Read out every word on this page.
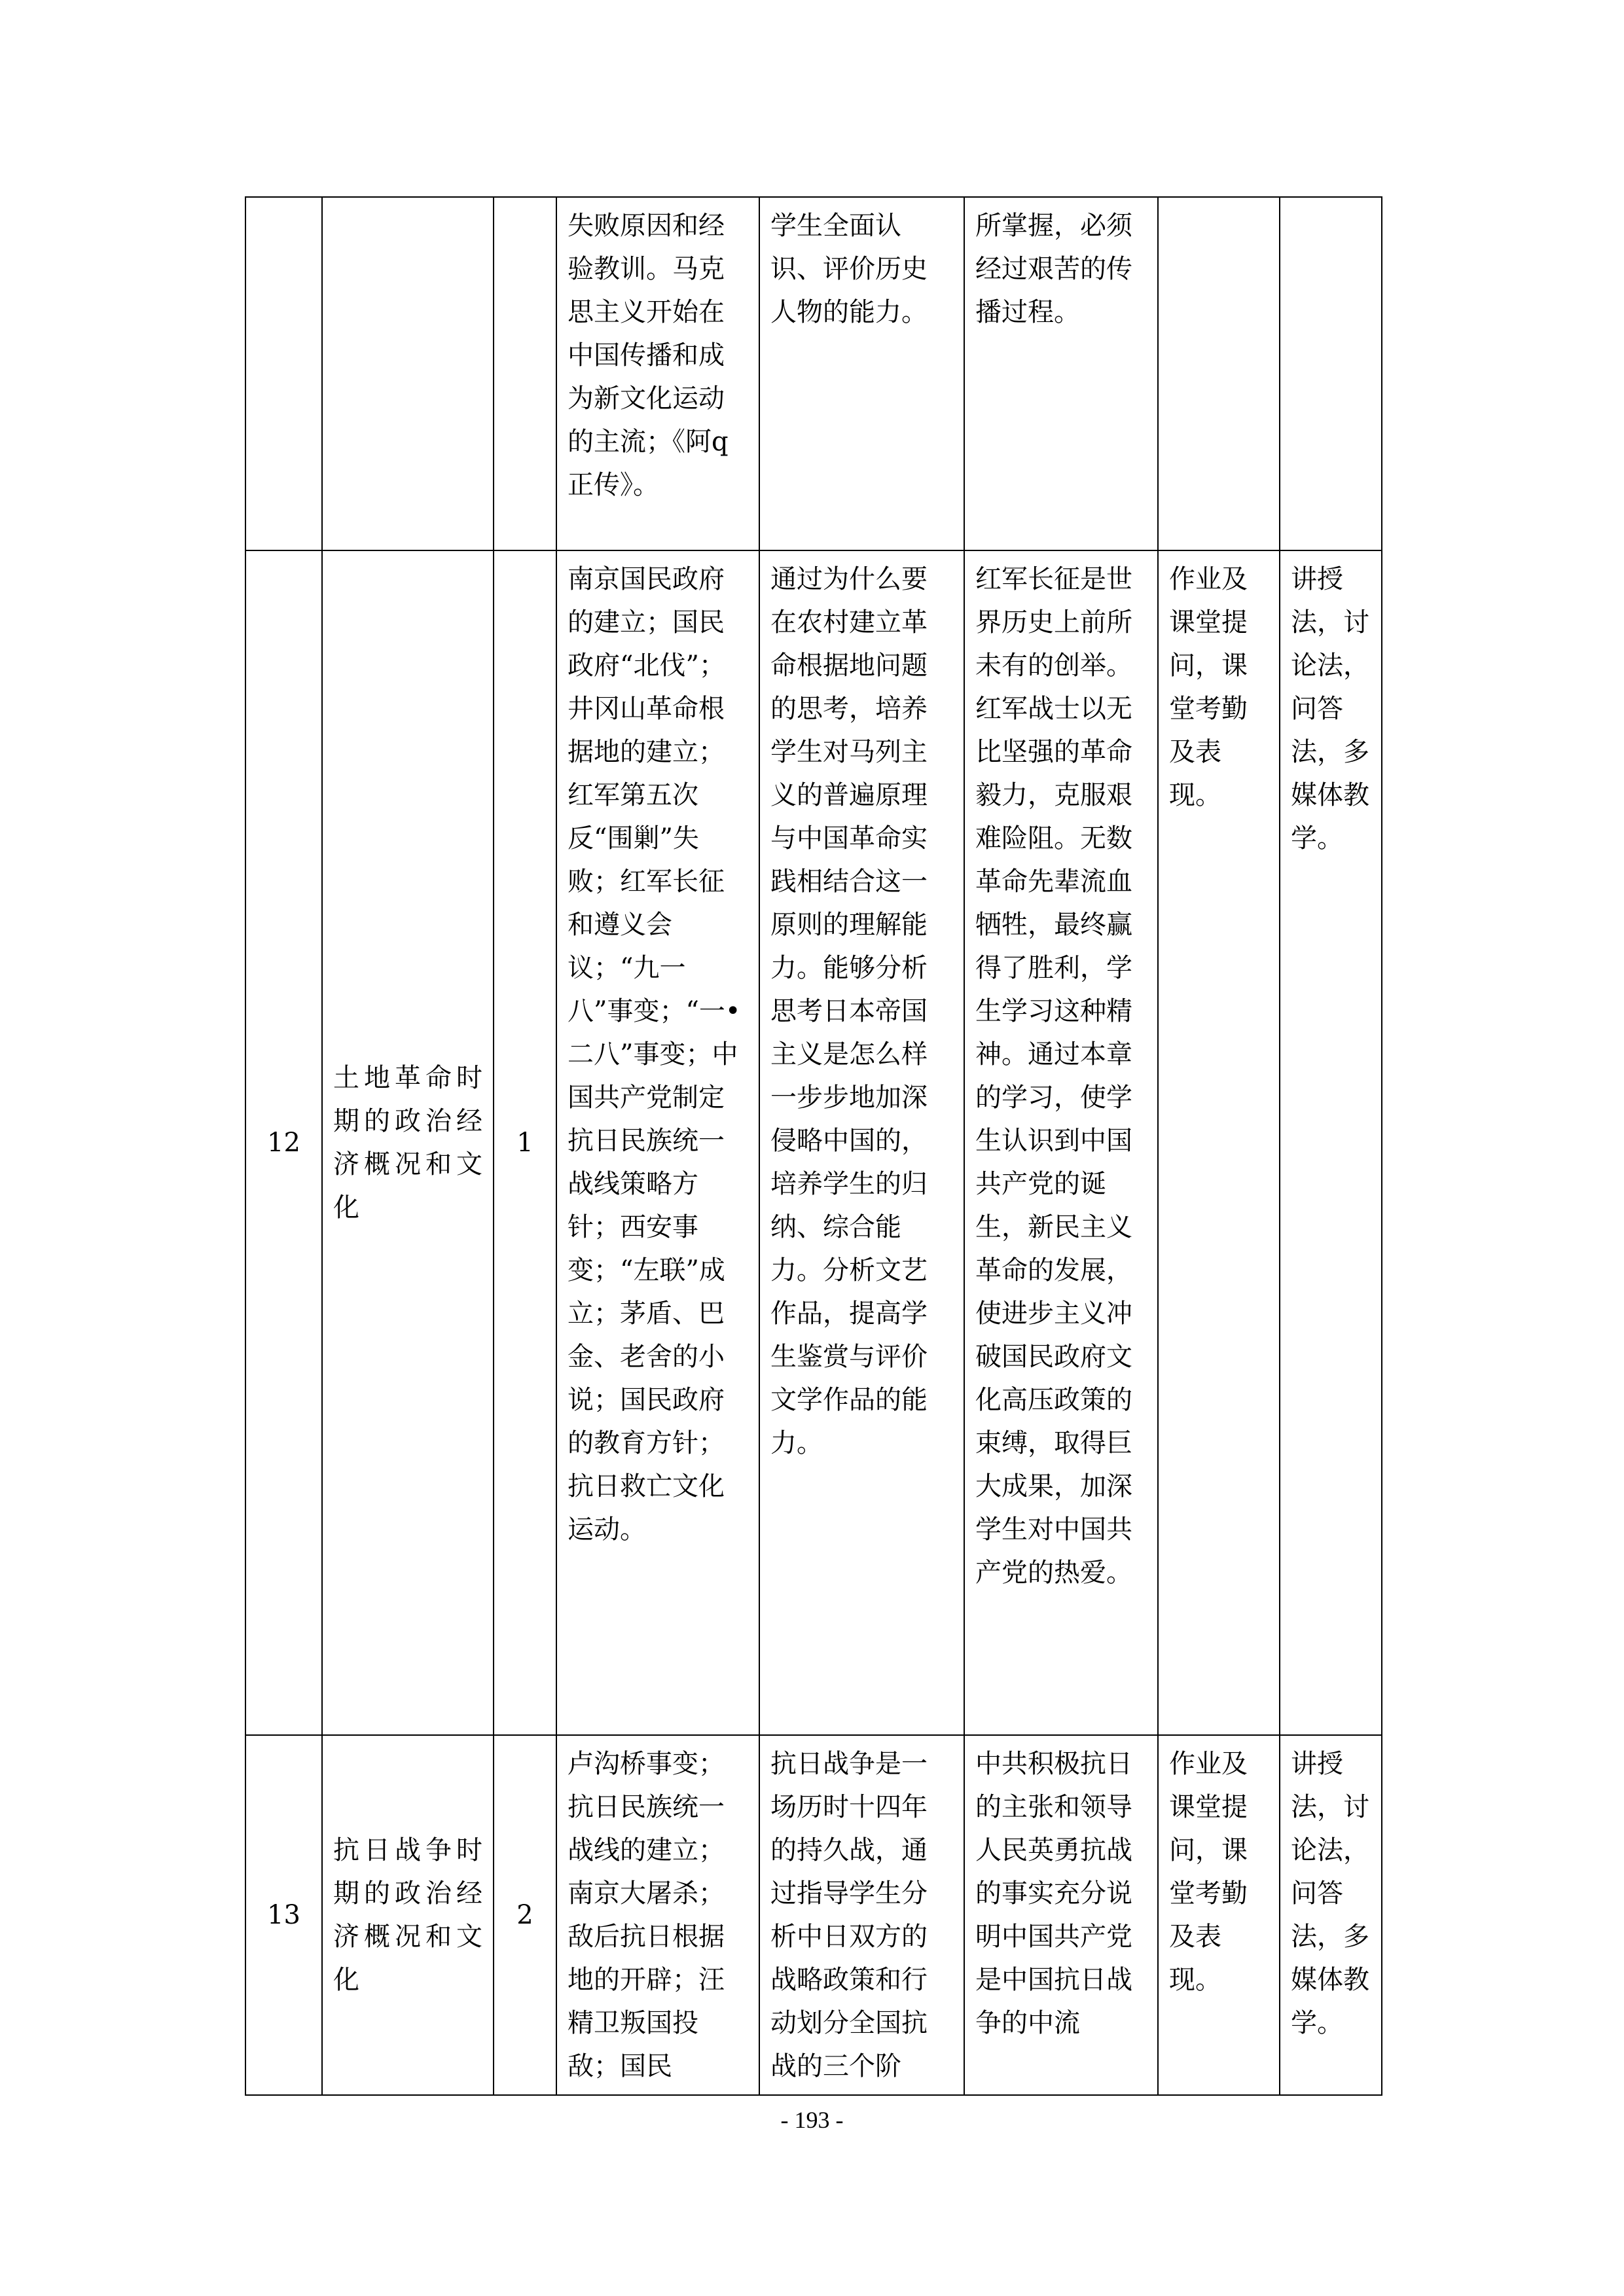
			失败原因和经验教训。马克思主义开始在中国传播和成为新文化运动的主流；《阿q正传》。	学生全面认识、评价历史人物的能力。	所掌握，必须经过艰苦的传播过程。		
12	土地革命时期的政治经济概况和文化	1	南京国民政府的建立；国民政府“北伐”；井冈山革命根据地的建立；红军第五次反“围剿”失败；红军长征和遵义会议；“九一八”事变；“一•二八”事变；中国共产党制定抗日民族统一战线策略方针；西安事变；“左联”成立；茅盾、巴金、老舍的小说；国民政府的教育方针；抗日救亡文化运动。	通过为什么要在农村建立革命根据地问题的思考，培养学生对马列主义的普遍原理与中国革命实践相结合这一原则的理解能力。能够分析思考日本帝国主义是怎么样一步步地加深侵略中国的，培养学生的归纳、综合能力。分析文艺作品，提高学生鉴赏与评价文学作品的能力。	红军长征是世界历史上前所未有的创举。红军战士以无比坚强的革命毅力，克服艰难险阻。无数革命先辈流血牺牲，最终赢得了胜利，学生学习这种精神。通过本章的学习，使学生认识到中国共产党的诞生，新民主义革命的发展，使进步主义冲破国民政府文化高压政策的束缚，取得巨大成果，加深学生对中国共产党的热爱。	作业及课堂提问，课堂考勤及表现。	讲授法，讨论法，问答法，多媒体教学。
13	抗日战争时期的政治经济概况和文化	2	卢沟桥事变；抗日民族统一战线的建立；南京大屠杀；敌后抗日根据地的开辟；汪精卫叛国投敌；国民	抗日战争是一场历时十四年的持久战，通过指导学生分析中日双方的战略政策和行动划分全国抗战的三个阶	中共积极抗日的主张和领导人民英勇抗战的事实充分说明中国共产党是中国抗日战争的中流	作业及课堂提问，课堂考勤及表现。	讲授法，讨论法，问答法，多媒体教学。
- 193 -
